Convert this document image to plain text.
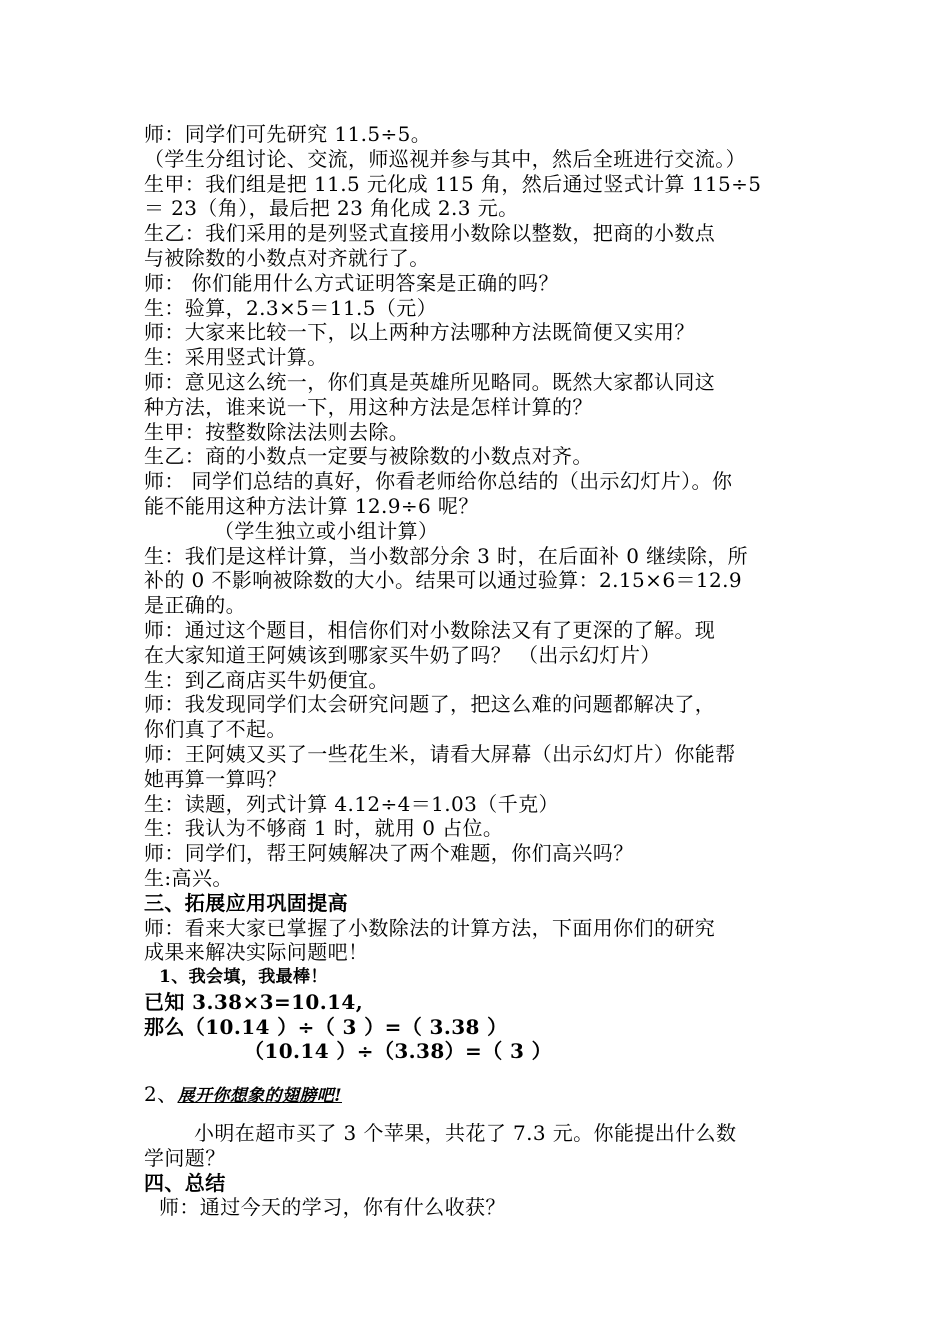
师：同学们可先研究 11.5÷5。
（学生分组讨论、交流，师巡视并参与其中，然后全班进行交流。）
生甲：我们组是把 11.5 元化成 115 角，然后通过竖式计算 115÷5
＝ 23（角），最后把 23 角化成 2.3 元。
生乙：我们采用的是列竖式直接用小数除以整数，把商的小数点
与被除数的小数点对齐就行了。
师： 你们能用什么方式证明答案是正确的吗？
生：验算，2.3×5＝11.5（元）
师：大家来比较一下，以上两种方法哪种方法既简便又实用？
生：采用竖式计算。
师：意见这么统一，你们真是英雄所见略同。既然大家都认同这
种方法，谁来说一下，用这种方法是怎样计算的？
生甲：按整数除法法则去除。
生乙：商的小数点一定要与被除数的小数点对齐。
师： 同学们总结的真好，你看老师给你总结的（出示幻灯片）。你
能不能用这种方法计算 12.9÷6 呢？
（学生独立或小组计算）
生：我们是这样计算，当小数部分余 3 时，在后面补 0 继续除，所
补的 0 不影响被除数的大小。结果可以通过验算：2.15×6＝12.9
是正确的。
师：通过这个题目，相信你们对小数除法又有了更深的了解。现
在大家知道王阿姨该到哪家买牛奶了吗？ （出示幻灯片）
生：到乙商店买牛奶便宜。
师：我发现同学们太会研究问题了，把这么难的问题都解决了，
你们真了不起。
师：王阿姨又买了一些花生米，请看大屏幕（出示幻灯片）你能帮
她再算一算吗？
生：读题，列式计算 4.12÷4＝1.03（千克）
生：我认为不够商 1 时，就用 0 占位。
师：同学们，帮王阿姨解决了两个难题，你们高兴吗？
生:高兴。
三、拓展应用巩固提高
师：看来大家已掌握了小数除法的计算方法，下面用你们的研究
成果来解决实际问题吧！
1、我会填，我最棒！
已知 3.38×3=10.14,
那么（10.14 ）÷（ 3 ）=（ 3.38 ）
（10.14 ）÷（3.38）=（ 3 ）
2、展开你想象的翅膀吧!
小明在超市买了 3 个苹果，共花了 7.3 元。你能提出什么数
学问题？
四、总结
师：通过今天的学习，你有什么收获？
